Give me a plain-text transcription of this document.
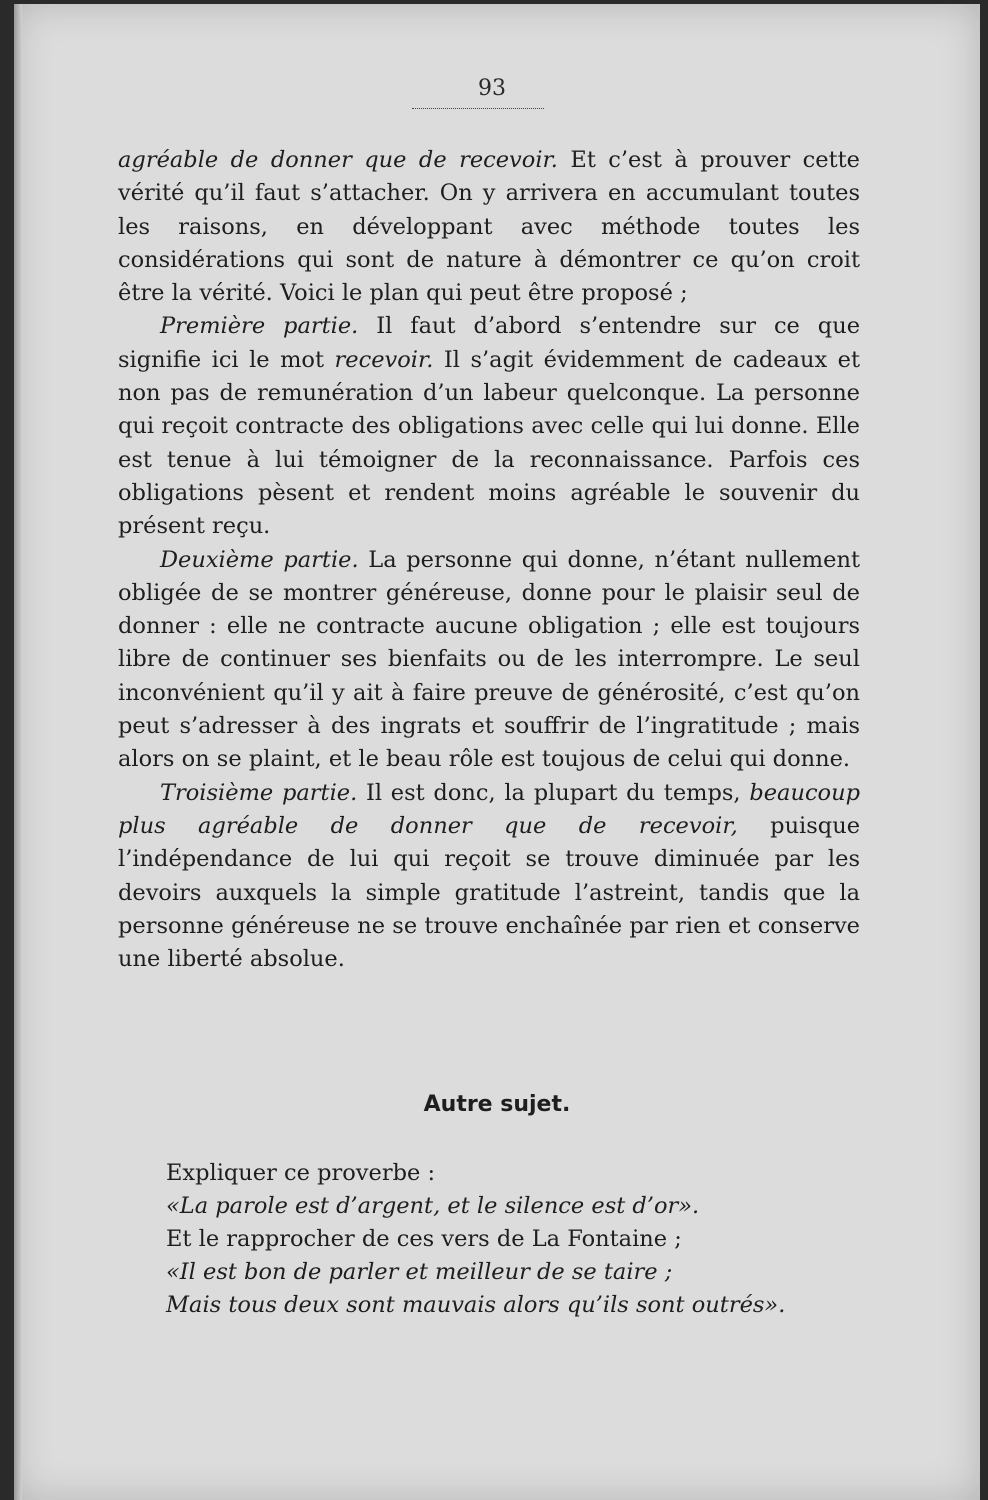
93

agréable de donner que de recevoir. Et c’est à prouver cette vérité qu’il faut s’attacher. On y arrivera en accumulant toutes les raisons, en développant avec méthode toutes les considérations qui sont de nature à démontrer ce qu’on croit être la vérité. Voici le plan qui peut être proposé ;

Première partie. Il faut d’abord s’entendre sur ce que signifie ici le mot recevoir. Il s’agit évidemment de cadeaux et non pas de remunération d’un labeur quelconque. La personne qui reçoit contracte des obligations avec celle qui lui donne. Elle est tenue à lui témoigner de la reconnaissance. Parfois ces obligations pèsent et rendent moins agréable le souvenir du présent reçu.

Deuxième partie. La personne qui donne, n’étant nullement obligée de se montrer généreuse, donne pour le plaisir seul de donner : elle ne contracte aucune obligation ; elle est toujours libre de continuer ses bienfaits ou de les interrompre. Le seul inconvénient qu’il y ait à faire preuve de générosité, c’est qu’on peut s’adresser à des ingrats et souffrir de l’ingratitude ; mais alors on se plaint, et le beau rôle est toujous de celui qui donne.

Troisième partie. Il est donc, la plupart du temps, beaucoup plus agréable de donner que de recevoir, puisque l’indépendance de lui qui reçoit se trouve diminuée par les devoirs auxquels la simple gratitude l’astreint, tandis que la personne généreuse ne se trouve enchaînée par rien et conserve une liberté absolue.

Autre sujet.

Expliquer ce proverbe :

«La parole est d’argent, et le silence est d’or».

Et le rapprocher de ces vers de La Fontaine ;

«Il est bon de parler et meilleur de se taire ;

Mais tous deux sont mauvais alors qu’ils sont outrés».
